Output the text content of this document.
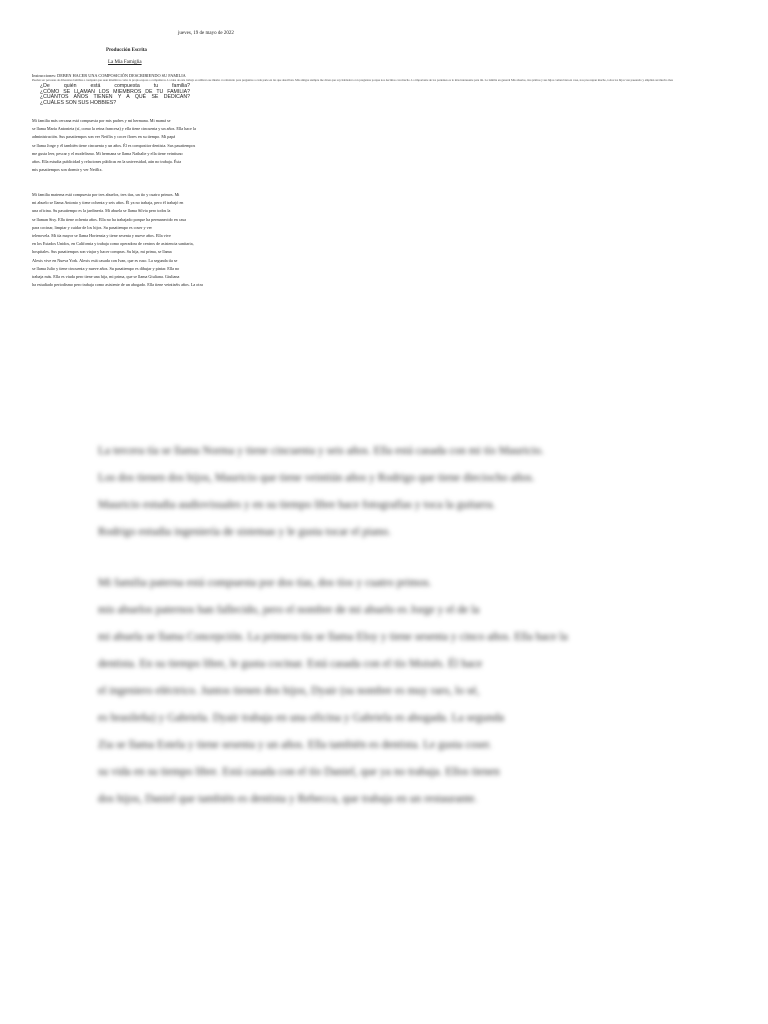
jueves, 19 de mayo de 2022
Producción Escrita
La Mia Famiglia
Instrucciones: DEBEN HACER UNA COMPOSICIÓN DESCRIBIENDO SU FAMILIA
Pueden ser personas de diferentes familias a cualquier que sean miembros como la propia esposa o compañeros. La idea de este trabajo es utilizar ese mismo vocabulario para preguntas a cada parte en las que describan. Mis amigas siempre me dicen que soy habladora con preguntas porque nos decimos con mucho. Lo importante de los parientes es lo más interesante para mi. La familia en general Mis abuelos, tíos primos y sus hijos comen bien en casa, nos preocupan mucho, todos los hijos van paseando y amplían así mucho mas
¿De quién está compuesta tu familia?
¿CÓMO SE LLAMAN LOS MIEMBROS DE TU FAMILIA?
¿CUÁNTOS AÑOS TIENEN Y A QUÉ SE DEDICAN?
¿CUÁLES SON SUS HOBBIES?
Mi familia más cercana está compuesta por mis padres y mi hermana. Mi mamá se
se llama María Antonieta (sí, como la reina francesa) y ella tiene cincuenta y un años. Ella hace la
administración. Sus pasatiempos son ver Netflix y cocer flores en su tiempo. Mi papá
se llama Jorge y él también tiene cincuenta y un años. Él es compositor dentista. Sus pasatiempos
me gusta leer, pescar y el modelismo. Mi hermana se llama Nathalie y ella tiene veintiuno
años. Ella estudia publicidad y relaciones públicas en la universidad, aún no trabaja. Ésta
mis pasatiempos son dormir y ver Netflix.
Mi familia materna está compuesta por tres abuelos, tres tías, un tío y cuatro primos. Mi
mi abuelo se llama Antonio y tiene ochenta y seis años. Él ya no trabaja, pero él trabajó en
una oficina. Su pasatiempo es la jardinería. Mi abuela se llama Silvia pero todos la
se llaman Sisy. Ella tiene ochenta años. Ella no ha trabajado porque ha permanecido en casa
para cocinar, limpiar y cuidar de los hijos. Su pasatiempo es coser y ver
telenovela. Mi tía mayor se llama Hortensia y tiene sesenta y nueve años. Ella vive
en los Estados Unidos, en California y trabaja como operadora de centros de asistencia sanitaria,
hospitales. Sus pasatiempos son viajar y hacer compras. Su hija, mi prima, se llama
Alexis vive en Nueva York. Alexis está casada con Ivan, que es ruso. La segunda tía se
se llama Julio y tiene cincuenta y nueve años. Su pasatiempo es dibujar y pintar. Ella no
trabaja más. Ella es viuda pero tiene una hija, mi prima, que se llama Giuliana. Giuliana
ha estudiado periodismo pero trabaja como asistente de un abogado. Ella tiene veintiséis años. La otra
La tercera tía se llama Norma y tiene cincuenta y seis años. Ella está casada con mi tío Mauricio.
Los dos tienen dos hijos, Mauricio que tiene veintiún años y Rodrigo que tiene dieciocho años.
Mauricio estudia audiovisuales y en su tiempo libre hace fotografías y toca la guitarra.
Rodrigo estudia ingeniería de sistemas y le gusta tocar el piano.
Mi familia paterna está compuesta por dos tías, dos tíos y cuatro primos.
mis abuelos paternos han fallecido, pero el nombre de mi abuelo es Jorge y el de la
mi abuela se llama Concepción. La primera tía se llama Eloy y tiene sesenta y cinco años. Ella hace la
dentista. En su tiempo libre, le gusta cocinar. Está casada con el tío Moisés. Él hace
el ingeniero eléctrico. Juntos tienen dos hijos, Dyair (su nombre es muy raro, lo sé,
es brasileña) y Gabriela. Dyair trabaja en una oficina y Gabriela es abogada. La segunda
Zia se llama Estela y tiene sesenta y un años. Ella también es dentista. Le gusta coser.
su vida en su tiempo libre. Está casada con el tío Daniel, que ya no trabaja. Ellos tienen
dos hijos, Daniel que también es dentista y Rebecca, que trabaja en un restaurante.
